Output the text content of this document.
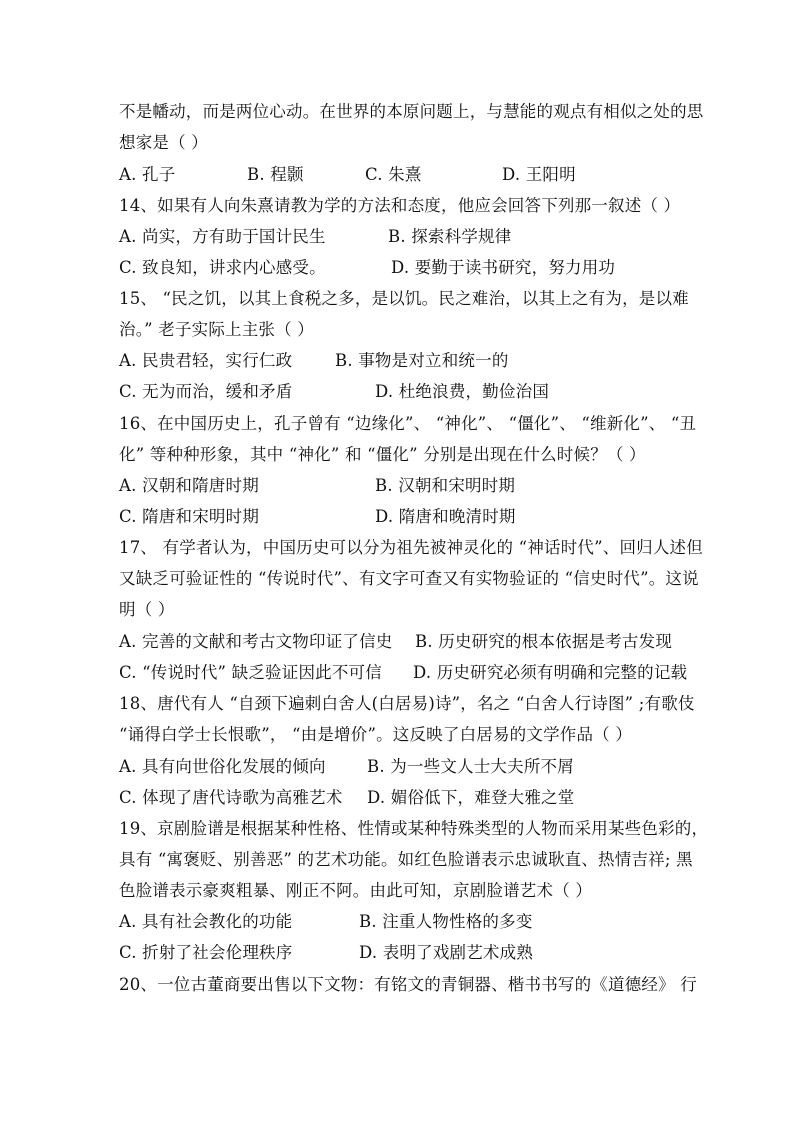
不是幡动，而是两位心动。在世界的本原问题上，与慧能的观点有相似之处的思
想家是（ ）
A. 孔子	B. 程颢	C. 朱熹	D. 王阳明
14、如果有人向朱熹请教为学的方法和态度，他应会回答下列那一叙述（ ）
A. 尚实，方有助于国计民生	B. 探索科学规律
C. 致良知，讲求内心感受。	D. 要勤于读书研究，努力用功
15、 “民之饥，以其上食税之多，是以饥。民之难治，以其上之有为，是以难
治。” 老子实际上主张（ ）
A. 民贵君轻，实行仁政	B. 事物是对立和统一的
C. 无为而治，缓和矛盾	D. 杜绝浪费，勤俭治国
16、在中国历史上，孔子曾有 “边缘化”、 “神化”、 “僵化”、 “维新化”、 “丑
化” 等种种形象，其中 “神化” 和 “僵化” 分别是出现在什么时候？（ ）
A. 汉朝和隋唐时期	B. 汉朝和宋明时期
C. 隋唐和宋明时期	D. 隋唐和晚清时期
17、 有学者认为，中国历史可以分为祖先被神灵化的 “神话时代”、回归人述但
又缺乏可验证性的 “传说时代”、有文字可查又有实物验证的 “信史时代”。这说
明（ ）
A. 完善的文献和考古文物印证了信史 B. 历史研究的根本依据是考古发现
C. “传说时代” 缺乏验证因此不可信 D. 历史研究必须有明确和完整的记载
18、唐代有人 “自颈下遍刺白舍人(白居易)诗”，名之 “白舍人行诗图” ;有歌伎
“诵得白学士长恨歌”， “由是增价”。这反映了白居易的文学作品（ ）
A. 具有向世俗化发展的倾向	B. 为一些文人士大夫所不屑
C. 体现了唐代诗歌为高雅艺术 D. 媚俗低下，难登大雅之堂
19、京剧脸谱是根据某种性格、性情或某种特殊类型的人物而采用某些色彩的，
具有 “寓褒贬、别善恶” 的艺术功能。如红色脸谱表示忠诚耿直、热情吉祥; 黑
色脸谱表示豪爽粗暴、刚正不阿。由此可知，京剧脸谱艺术（ ）
A. 具有社会教化的功能	B. 注重人物性格的多变
C. 折射了社会伦理秩序	D. 表明了戏剧艺术成熟
20、一位古董商要出售以下文物：有铭文的青铜器、楷书书写的《道德经》 行
